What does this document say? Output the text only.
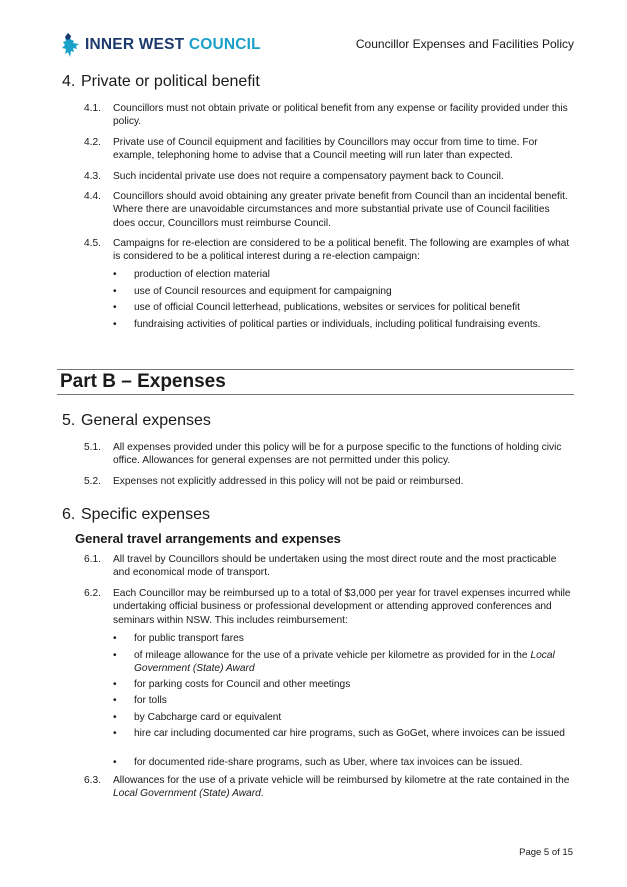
INNER WEST COUNCIL	Councillor Expenses and Facilities Policy
4. Private or political benefit
4.1. Councillors must not obtain private or political benefit from any expense or facility provided under this policy.
4.2. Private use of Council equipment and facilities by Councillors may occur from time to time. For example, telephoning home to advise that a Council meeting will run later than expected.
4.3. Such incidental private use does not require a compensatory payment back to Council.
4.4. Councillors should avoid obtaining any greater private benefit from Council than an incidental benefit. Where there are unavoidable circumstances and more substantial private use of Council facilities does occur, Councillors must reimburse Council.
4.5. Campaigns for re-election are considered to be a political benefit. The following are examples of what is considered to be a political interest during a re-election campaign:
• production of election material
• use of Council resources and equipment for campaigning
• use of official Council letterhead, publications, websites or services for political benefit
• fundraising activities of political parties or individuals, including political fundraising events.
Part B – Expenses
5. General expenses
5.1. All expenses provided under this policy will be for a purpose specific to the functions of holding civic office. Allowances for general expenses are not permitted under this policy.
5.2. Expenses not explicitly addressed in this policy will not be paid or reimbursed.
6. Specific expenses
General travel arrangements and expenses
6.1. All travel by Councillors should be undertaken using the most direct route and the most practicable and economical mode of transport.
6.2. Each Councillor may be reimbursed up to a total of $3,000 per year for travel expenses incurred while undertaking official business or professional development or attending approved conferences and seminars within NSW. This includes reimbursement:
• for public transport fares
• of mileage allowance for the use of a private vehicle per kilometre as provided for in the Local Government (State) Award
• for parking costs for Council and other meetings
• for tolls
• by Cabcharge card or equivalent
• hire car including documented car hire programs, such as GoGet, where invoices can be issued
• for documented ride-share programs, such as Uber, where tax invoices can be issued.
6.3. Allowances for the use of a private vehicle will be reimbursed by kilometre at the rate contained in the Local Government (State) Award.
Page 5 of 15
